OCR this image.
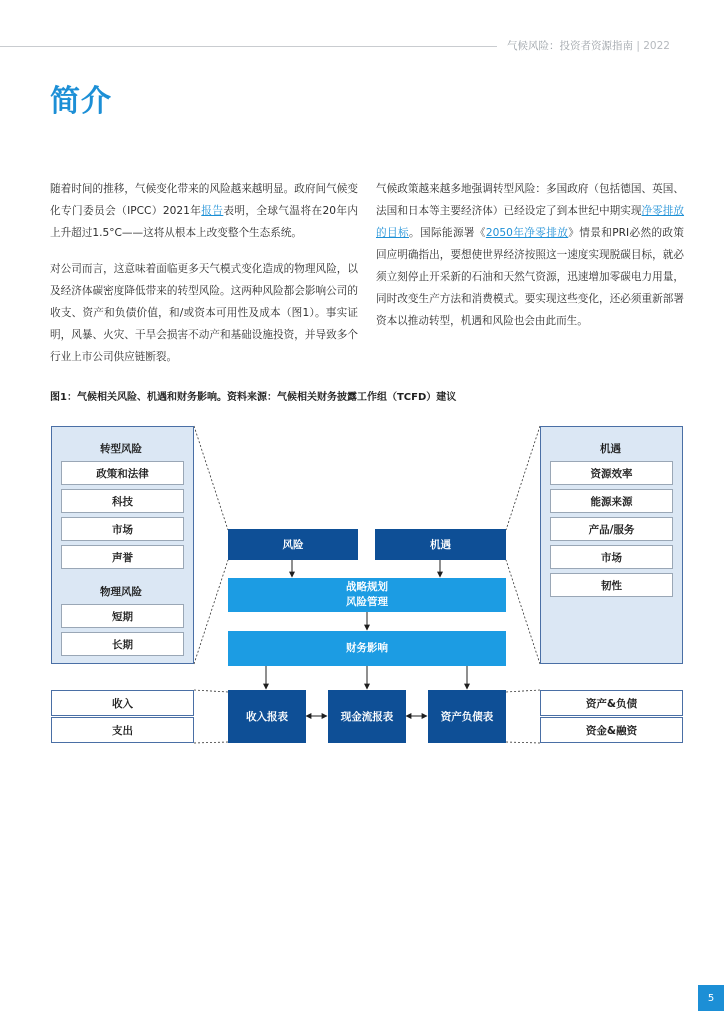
气候风险：投资者资源指南 | 2022
简介

随着时间的推移，气候变化带来的风险越来越明显。政府间气候变化专门委员会（IPCC）2021年报告表明，全球气温将在20年内上升超过1.5°C——这将从根本上改变整个生态系统。

对公司而言，这意味着面临更多天气模式变化造成的物理风险，以及经济体碳密度降低带来的转型风险。这两种风险都会影响公司的收支、资产和负债价值，和/或资本可用性及成本（图1）。事实证明，风暴、火灾、干旱会损害不动产和基础设施投资，并导致多个行业上市公司供应链断裂。

气候政策越来越多地强调转型风险：多国政府（包括德国、英国、法国和日本等主要经济体）已经设定了到本世纪中期实现净零排放的目标。国际能源署《2050年净零排放》情景和PRI必然的政策回应明确指出，要想使世界经济按照这一速度实现脱碳目标，就必须立刻停止开采新的石油和天然气资源，迅速增加零碳电力用量，同时改变生产方法和消费模式。要实现这些变化，还必须重新部署资本以推动转型，机遇和风险也会由此而生。

图1：气候相关风险、机遇和财务影响。资料来源：气候相关财务披露工作组（TCFD）建议
转型风险
政策和法律
科技
市场
声誉
物理风险
短期
长期
机遇
资源效率
能源来源
产品/服务
市场
韧性
风险	机遇
战略规划
风险管理
财务影响
收入报表	现金流报表	资产负债表
收入
支出
资产&负债
资金&融资
5
